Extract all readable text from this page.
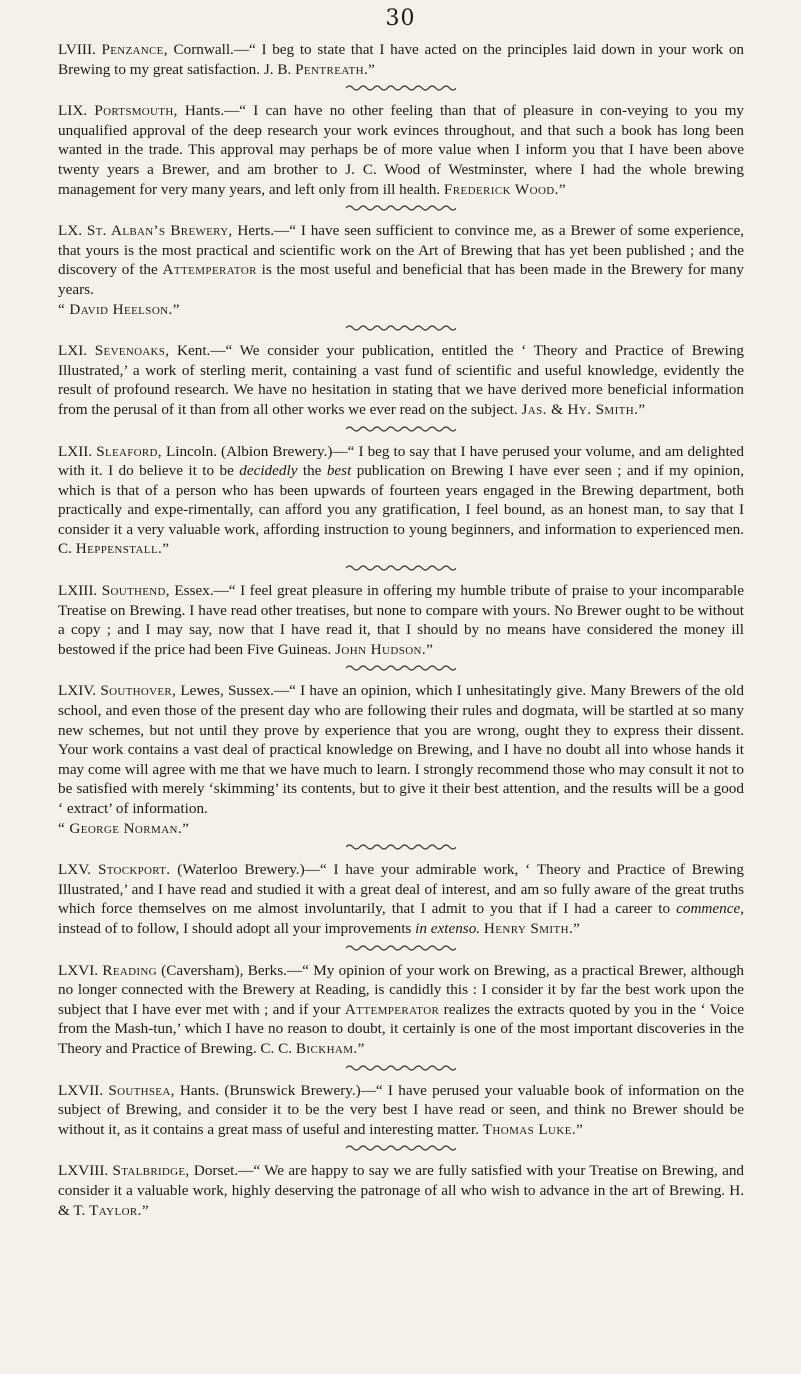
30

LVIII. Penzance, Cornwall.—“ I beg to state that I have acted on the principles laid down in your work on Brewing to my great satisfaction. J. B. Pentreath.”

LIX. Portsmouth, Hants.—“ I can have no other feeling than that of pleasure in con-veying to you my unqualified approval of the deep research your work evinces throughout, and that such a book has long been wanted in the trade. This approval may perhaps be of more value when I inform you that I have been above twenty years a Brewer, and am brother to J. C. Wood of Westminster, where I had the whole brewing management for very many years, and left only from ill health. Frederick Wood.”

LX. St. Alban’s Brewery, Herts.—“ I have seen sufficient to convince me, as a Brewer of some experience, that yours is the most practical and scientific work on the Art of Brewing that has yet been published ; and the discovery of the Attemperator is the most useful and beneficial that has been made in the Brewery for many years.

“ David Heelson.”

LXI. Sevenoaks, Kent.—“ We consider your publication, entitled the ‘ Theory and Practice of Brewing Illustrated,’ a work of sterling merit, containing a vast fund of scientific and useful knowledge, evidently the result of profound research. We have no hesitation in stating that we have derived more beneficial information from the perusal of it than from all other works we ever read on the subject. Jas. & Hy. Smith.”

LXII. Sleaford, Lincoln. (Albion Brewery.)—“ I beg to say that I have perused your volume, and am delighted with it. I do believe it to be decidedly the best publication on Brewing I have ever seen ; and if my opinion, which is that of a person who has been upwards of fourteen years engaged in the Brewing department, both practically and expe-rimentally, can afford you any gratification, I feel bound, as an honest man, to say that I consider it a very valuable work, affording instruction to young beginners, and information to experienced men. C. Heppenstall.”

LXIII. Southend, Essex.—“ I feel great pleasure in offering my humble tribute of praise to your incomparable Treatise on Brewing. I have read other treatises, but none to compare with yours. No Brewer ought to be without a copy ; and I may say, now that I have read it, that I should by no means have considered the money ill bestowed if the price had been Five Guineas. John Hudson.”

LXIV. Southover, Lewes, Sussex.—“ I have an opinion, which I unhesitatingly give. Many Brewers of the old school, and even those of the present day who are following their rules and dogmata, will be startled at so many new schemes, but not until they prove by experience that you are wrong, ought they to express their dissent. Your work contains a vast deal of practical knowledge on Brewing, and I have no doubt all into whose hands it may come will agree with me that we have much to learn. I strongly recommend those who may consult it not to be satisfied with merely ‘skimming’ its contents, but to give it their best attention, and the results will be a good ‘ extract’ of information.

“ George Norman.”

LXV. Stockport. (Waterloo Brewery.)—“ I have your admirable work, ‘ Theory and Practice of Brewing Illustrated,’ and I have read and studied it with a great deal of interest, and am so fully aware of the great truths which force themselves on me almost involuntarily, that I admit to you that if I had a career to commence, instead of to follow, I should adopt all your improvements in extenso. Henry Smith.”

LXVI. Reading (Caversham), Berks.—“ My opinion of your work on Brewing, as a practical Brewer, although no longer connected with the Brewery at Reading, is candidly this : I consider it by far the best work upon the subject that I have ever met with ; and if your Attemperator realizes the extracts quoted by you in the ‘ Voice from the Mash-tun,’ which I have no reason to doubt, it certainly is one of the most important discoveries in the Theory and Practice of Brewing. C. C. Bickham.”

LXVII. Southsea, Hants. (Brunswick Brewery.)—“ I have perused your valuable book of information on the subject of Brewing, and consider it to be the very best I have read or seen, and think no Brewer should be without it, as it contains a great mass of useful and interesting matter. Thomas Luke.”

LXVIII. Stalbridge, Dorset.—“ We are happy to say we are fully satisfied with your Treatise on Brewing, and consider it a valuable work, highly deserving the patronage of all who wish to advance in the art of Brewing. H. & T. Taylor.”
